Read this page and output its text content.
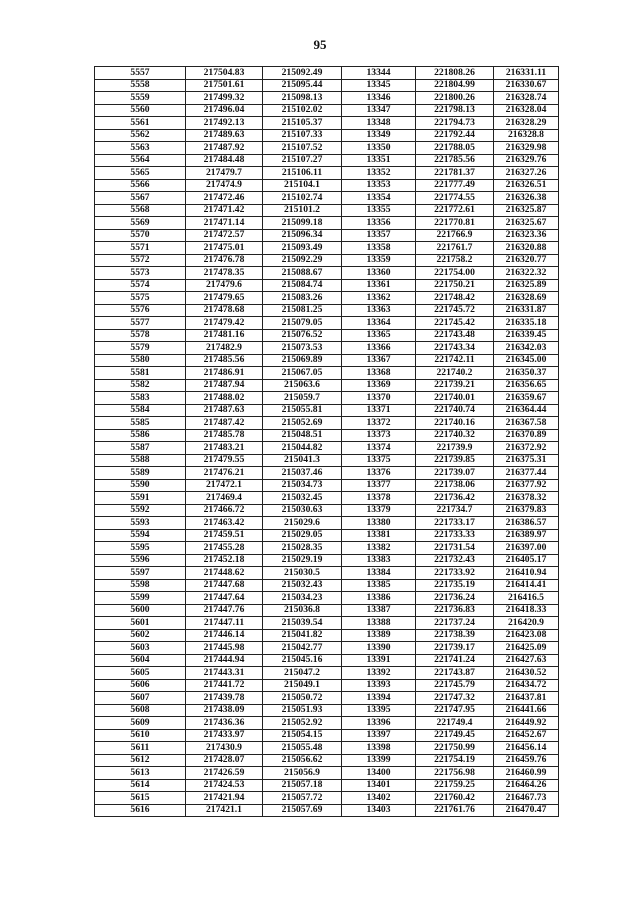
95
5557	217504.83	215092.49	13344	221808.26	216331.11
5558	217501.61	215095.44	13345	221804.99	216330.67
5559	217499.32	215098.13	13346	221800.26	216328.74
5560	217496.04	215102.02	13347	221798.13	216328.04
5561	217492.13	215105.37	13348	221794.73	216328.29
5562	217489.63	215107.33	13349	221792.44	216328.8
5563	217487.92	215107.52	13350	221788.05	216329.98
5564	217484.48	215107.27	13351	221785.56	216329.76
5565	217479.7	215106.11	13352	221781.37	216327.26
5566	217474.9	215104.1	13353	221777.49	216326.51
5567	217472.46	215102.74	13354	221774.55	216326.38
5568	217471.42	215101.2	13355	221772.61	216325.87
5569	217471.14	215099.18	13356	221770.81	216325.67
5570	217472.57	215096.34	13357	221766.9	216323.36
5571	217475.01	215093.49	13358	221761.7	216320.88
5572	217476.78	215092.29	13359	221758.2	216320.77
5573	217478.35	215088.67	13360	221754.00	216322.32
5574	217479.6	215084.74	13361	221750.21	216325.89
5575	217479.65	215083.26	13362	221748.42	216328.69
5576	217478.68	215081.25	13363	221745.72	216331.87
5577	217479.42	215079.05	13364	221745.42	216335.18
5578	217481.16	215076.52	13365	221743.48	216339.45
5579	217482.9	215073.53	13366	221743.34	216342.03
5580	217485.56	215069.89	13367	221742.11	216345.00
5581	217486.91	215067.05	13368	221740.2	216350.37
5582	217487.94	215063.6	13369	221739.21	216356.65
5583	217488.02	215059.7	13370	221740.01	216359.67
5584	217487.63	215055.81	13371	221740.74	216364.44
5585	217487.42	215052.69	13372	221740.16	216367.58
5586	217485.78	215048.51	13373	221740.32	216370.89
5587	217483.21	215044.82	13374	221739.9	216372.92
5588	217479.55	215041.3	13375	221739.85	216375.31
5589	217476.21	215037.46	13376	221739.07	216377.44
5590	217472.1	215034.73	13377	221738.06	216377.92
5591	217469.4	215032.45	13378	221736.42	216378.32
5592	217466.72	215030.63	13379	221734.7	216379.83
5593	217463.42	215029.6	13380	221733.17	216386.57
5594	217459.51	215029.05	13381	221733.33	216389.97
5595	217455.28	215028.35	13382	221731.54	216397.00
5596	217452.18	215029.19	13383	221732.43	216405.17
5597	217448.62	215030.5	13384	221733.92	216410.94
5598	217447.68	215032.43	13385	221735.19	216414.41
5599	217447.64	215034.23	13386	221736.24	216416.5
5600	217447.76	215036.8	13387	221736.83	216418.33
5601	217447.11	215039.54	13388	221737.24	216420.9
5602	217446.14	215041.82	13389	221738.39	216423.08
5603	217445.98	215042.77	13390	221739.17	216425.09
5604	217444.94	215045.16	13391	221741.24	216427.63
5605	217443.31	215047.2	13392	221743.87	216430.52
5606	217441.72	215049.1	13393	221745.79	216434.72
5607	217439.78	215050.72	13394	221747.32	216437.81
5608	217438.09	215051.93	13395	221747.95	216441.66
5609	217436.36	215052.92	13396	221749.4	216449.92
5610	217433.97	215054.15	13397	221749.45	216452.67
5611	217430.9	215055.48	13398	221750.99	216456.14
5612	217428.07	215056.62	13399	221754.19	216459.76
5613	217426.59	215056.9	13400	221756.98	216460.99
5614	217424.53	215057.18	13401	221759.25	216464.26
5615	217421.94	215057.72	13402	221760.42	216467.73
5616	217421.1	215057.69	13403	221761.76	216470.47
